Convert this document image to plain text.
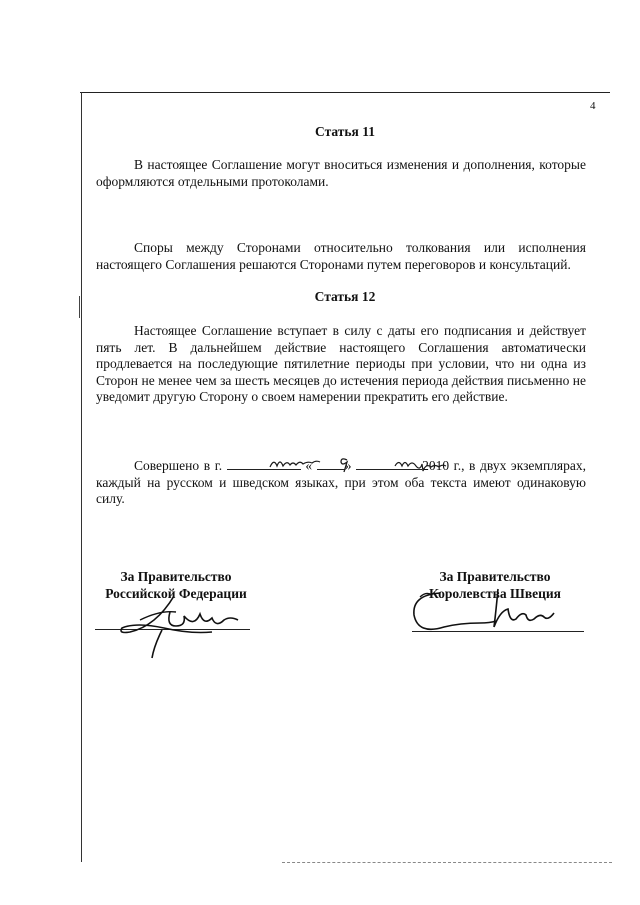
4
Статья 11
В настоящее Соглашение могут вноситься изменения и дополнения, которые оформляются отдельными протоколами.
Споры между Сторонами относительно толкования или исполнения настоящего Соглашения решаются Сторонами путем переговоров и консультаций.
Статья 12
Настоящее Соглашение вступает в силу с даты его подписания и действует пять лет. В дальнейшем действие настоящего Соглашения автоматически продлевается на последующие пятилетние периоды при условии, что ни одна из Сторон не менее чем за шесть месяцев до истечения периода действия письменно не уведомит другую Сторону о своем намерении прекратить его действие.
Совершено в г.	« »	2010 г., в двух экземплярах, каждый на русском и шведском языках, при этом оба текста имеют одинаковую силу.
За Правительство
Российской Федерации
За Правительство
Королевства Швеция
